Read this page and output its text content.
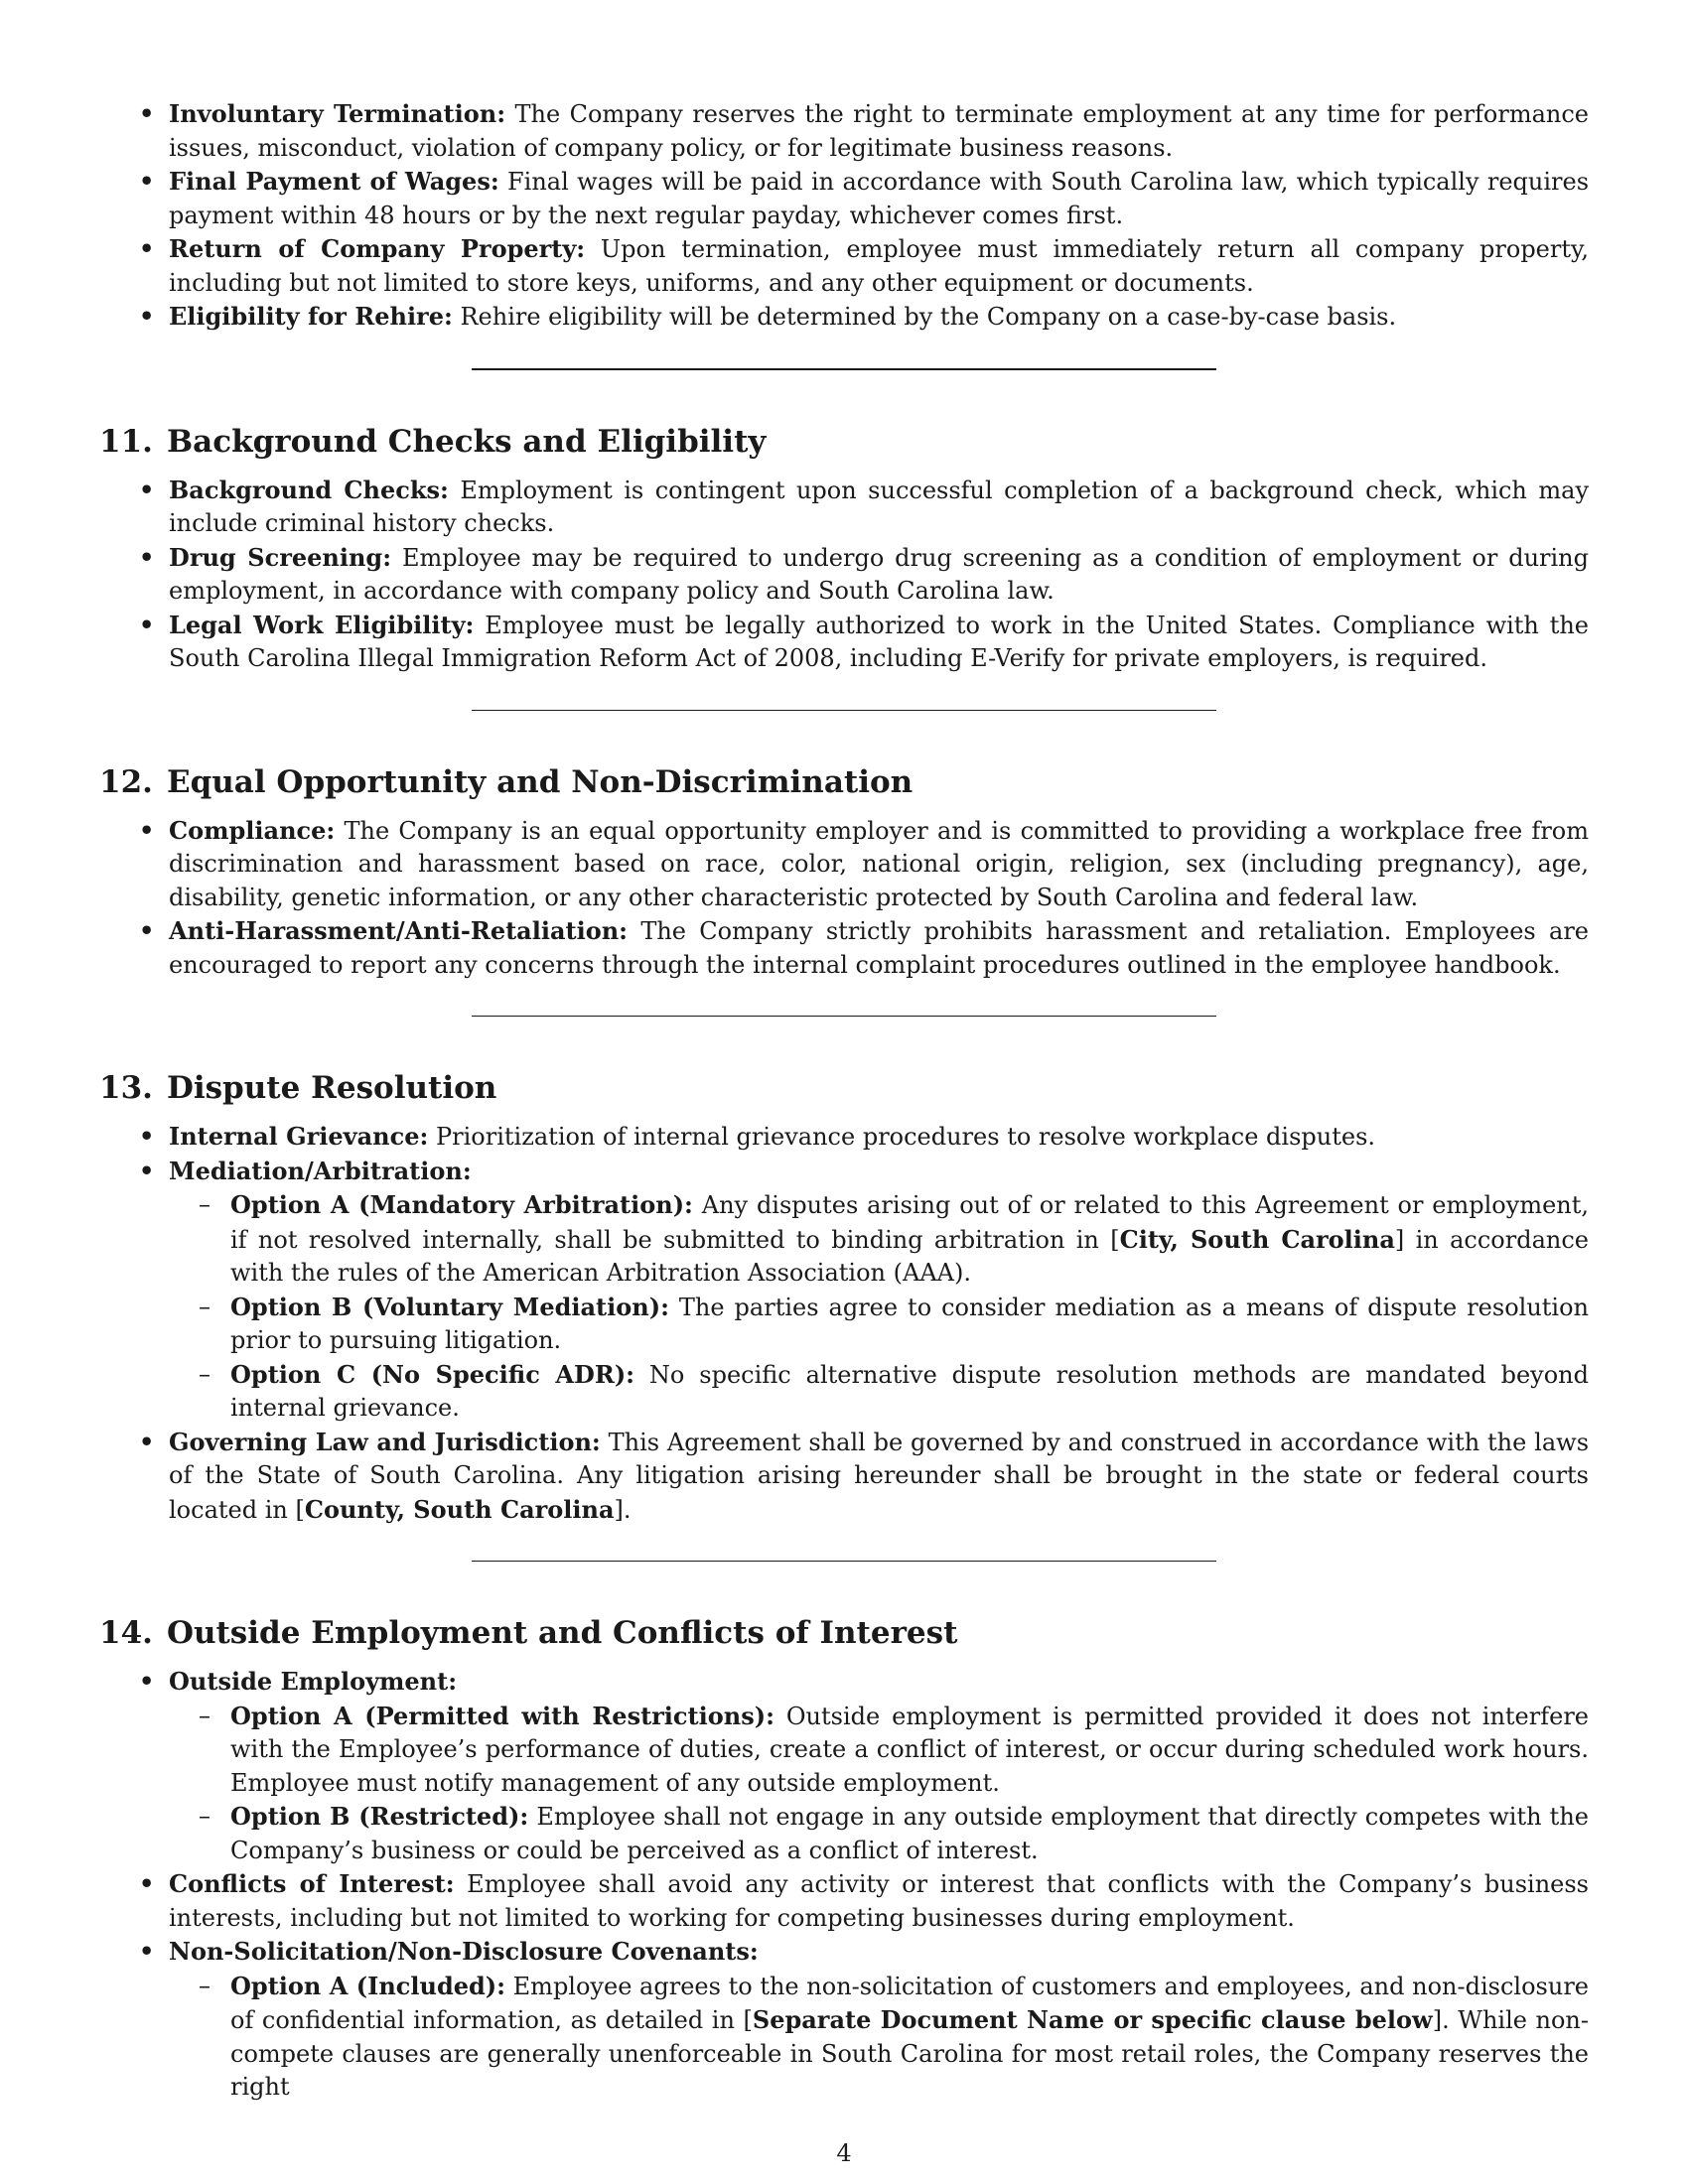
• Involuntary Termination: The Company reserves the right to terminate employment at any time for performance issues, misconduct, violation of company policy, or for legitimate business reasons.
• Final Payment of Wages: Final wages will be paid in accordance with South Carolina law, which typically requires payment within 48 hours or by the next regular payday, whichever comes first.
• Return of Company Property: Upon termination, employee must immediately return all company property, including but not limited to store keys, uniforms, and any other equipment or documents.
• Eligibility for Rehire: Rehire eligibility will be determined by the Company on a case-by-case basis.
11. Background Checks and Eligibility
• Background Checks: Employment is contingent upon successful completion of a background check, which may include criminal history checks.
• Drug Screening: Employee may be required to undergo drug screening as a condition of employment or during employment, in accordance with company policy and South Carolina law.
• Legal Work Eligibility: Employee must be legally authorized to work in the United States. Compliance with the South Carolina Illegal Immigration Reform Act of 2008, including E-Verify for private employers, is required.
12. Equal Opportunity and Non-Discrimination
• Compliance: The Company is an equal opportunity employer and is committed to providing a workplace free from discrimination and harassment based on race, color, national origin, religion, sex (including pregnancy), age, disability, genetic information, or any other characteristic protected by South Carolina and federal law.
• Anti-Harassment/Anti-Retaliation: The Company strictly prohibits harassment and retaliation. Employees are encouraged to report any concerns through the internal complaint procedures outlined in the employee handbook.
13. Dispute Resolution
• Internal Grievance: Prioritization of internal grievance procedures to resolve workplace disputes.
• Mediation/Arbitration:
– Option A (Mandatory Arbitration): Any disputes arising out of or related to this Agreement or employment, if not resolved internally, shall be submitted to binding arbitration in [City, South Carolina] in accordance with the rules of the American Arbitration Association (AAA).
– Option B (Voluntary Mediation): The parties agree to consider mediation as a means of dispute resolution prior to pursuing litigation.
– Option C (No Specific ADR): No specific alternative dispute resolution methods are mandated beyond internal grievance.
• Governing Law and Jurisdiction: This Agreement shall be governed by and construed in accordance with the laws of the State of South Carolina. Any litigation arising hereunder shall be brought in the state or federal courts located in [County, South Carolina].
14. Outside Employment and Conflicts of Interest
• Outside Employment:
– Option A (Permitted with Restrictions): Outside employment is permitted provided it does not interfere with the Employee’s performance of duties, create a conflict of interest, or occur during scheduled work hours. Employee must notify management of any outside employment.
– Option B (Restricted): Employee shall not engage in any outside employment that directly competes with the Company’s business or could be perceived as a conflict of interest.
• Conflicts of Interest: Employee shall avoid any activity or interest that conflicts with the Company’s business interests, including but not limited to working for competing businesses during employment.
• Non-Solicitation/Non-Disclosure Covenants:
– Option A (Included): Employee agrees to the non-solicitation of customers and employees, and non-disclosure of confidential information, as detailed in [Separate Document Name or specific clause below]. While non-compete clauses are generally unenforceable in South Carolina for most retail roles, the Company reserves the right
4
